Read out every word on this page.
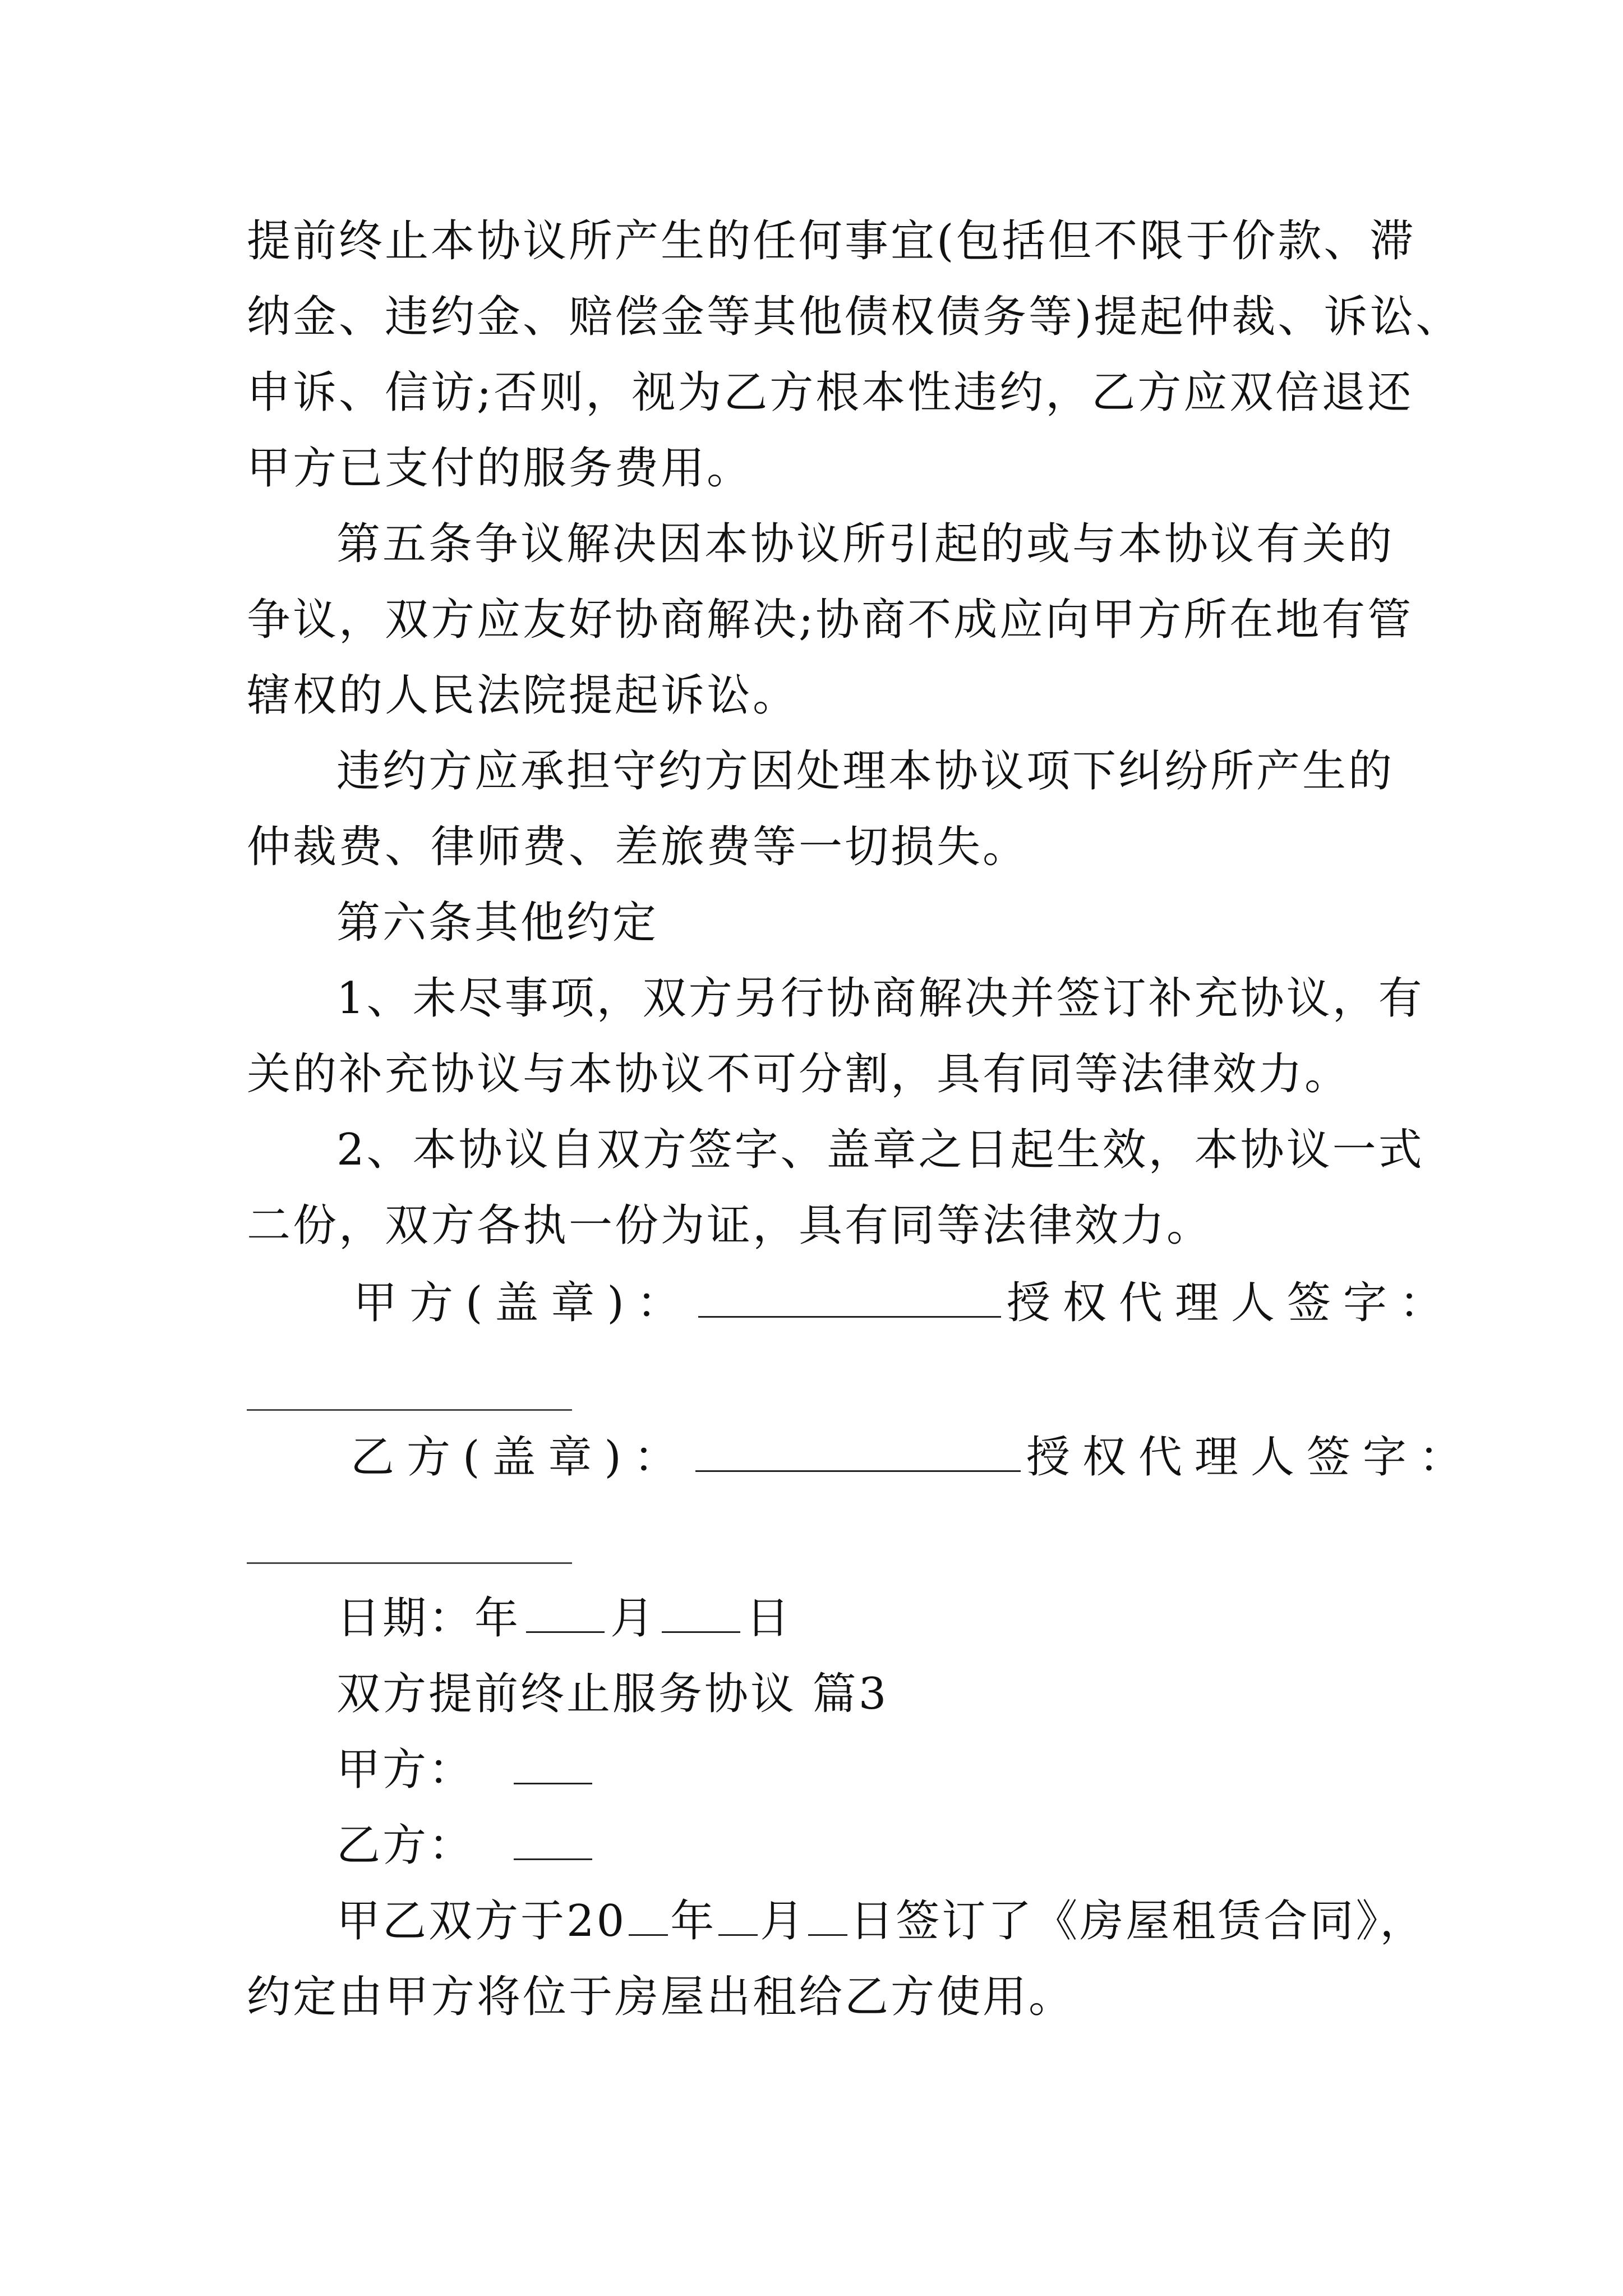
提前终止本协议所产生的任何事宜(包括但不限于价款、滞
纳金、违约金、赔偿金等其他债权债务等)提起仲裁、诉讼、
申诉、信访;否则，视为乙方根本性违约，乙方应双倍退还
甲方已支付的服务费用。
第五条争议解决因本协议所引起的或与本协议有关的
争议，双方应友好协商解决;协商不成应向甲方所在地有管
辖权的人民法院提起诉讼。
违约方应承担守约方因处理本协议项下纠纷所产生的
仲裁费、律师费、差旅费等一切损失。
第六条其他约定
1、未尽事项，双方另行协商解决并签订补充协议，有
关的补充协议与本协议不可分割，具有同等法律效力。
2、本协议自双方签字、盖章之日起生效，本协议一式
二份，双方各执一份为证，具有同等法律效力。
甲方(盖章)：	授权代理人签字：
乙方(盖章)：	授权代理人签字：
日期：年 月 日
双方提前终止服务协议 篇3
甲方：
乙方：
甲乙双方于20 年 月 日签订了《房屋租赁合同》，
约定由甲方将位于房屋出租给乙方使用。
